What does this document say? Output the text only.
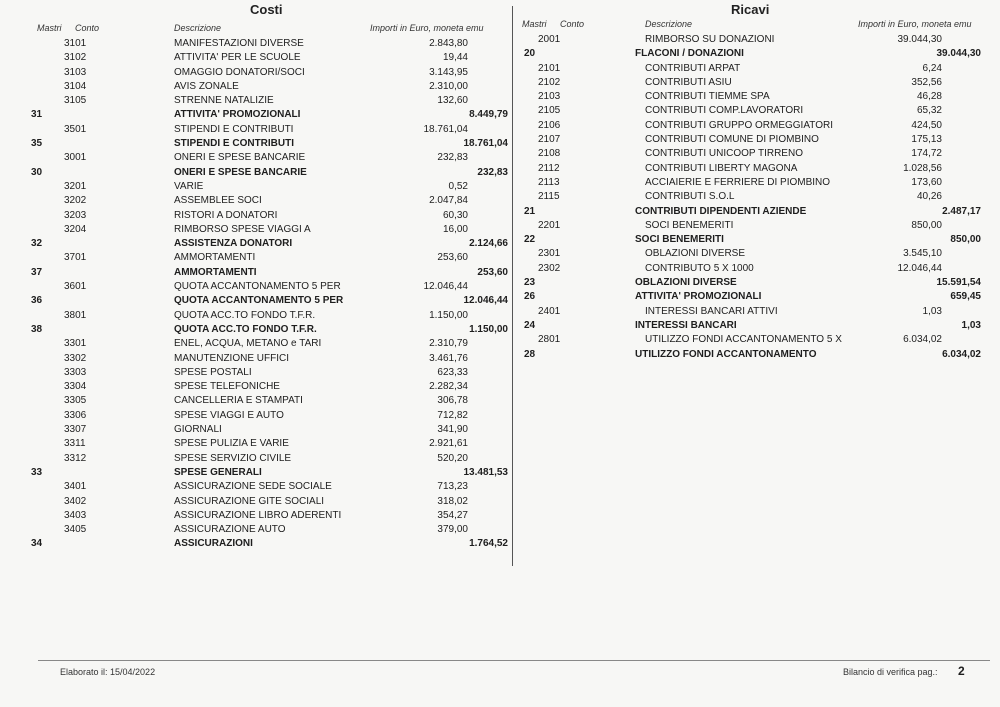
Costi	Ricavi
Mastri Conto	Descrizione	Importi in Euro, moneta emu	Mastri Conto	Descrizione	Importi in Euro, moneta emu
3101	MANIFESTAZIONI DIVERSE	2.843,80
3102	ATTIVITA' PER LE SCUOLE	19,44
3103	OMAGGIO DONATORI/SOCI	3.143,95
3104	AVIS ZONALE	2.310,00
3105	STRENNE NATALIZIE	132,60
31	ATTIVITA' PROMOZIONALI	8.449,79
3501	STIPENDI E CONTRIBUTI	18.761,04
35	STIPENDI E CONTRIBUTI	18.761,04
3001	ONERI E SPESE BANCARIE	232,83
30	ONERI E SPESE BANCARIE	232,83
3201	VARIE	0,52
3202	ASSEMBLEE SOCI	2.047,84
3203	RISTORI A DONATORI	60,30
3204	RIMBORSO SPESE VIAGGI A	16,00
32	ASSISTENZA DONATORI	2.124,66
3701	AMMORTAMENTI	253,60
37	AMMORTAMENTI	253,60
3601	QUOTA ACCANTONAMENTO 5 PER	12.046,44
36	QUOTA ACCANTONAMENTO 5 PER	12.046,44
3801	QUOTA ACC.TO FONDO T.F.R.	1.150,00
38	QUOTA ACC.TO FONDO T.F.R.	1.150,00
3301	ENEL, ACQUA, METANO e TARI	2.310,79
3302	MANUTENZIONE UFFICI	3.461,76
3303	SPESE POSTALI	623,33
3304	SPESE TELEFONICHE	2.282,34
3305	CANCELLERIA E STAMPATI	306,78
3306	SPESE VIAGGI E AUTO	712,82
3307	GIORNALI	341,90
3311	SPESE PULIZIA E VARIE	2.921,61
3312	SPESE SERVIZIO CIVILE	520,20
33	SPESE GENERALI	13.481,53
3401	ASSICURAZIONE SEDE SOCIALE	713,23
3402	ASSICURAZIONE GITE SOCIALI	318,02
3403	ASSICURAZIONE LIBRO ADERENTI	354,27
3405	ASSICURAZIONE AUTO	379,00
34	ASSICURAZIONI	1.764,52
2001	RIMBORSO SU DONAZIONI	39.044,30
20	FLACONI / DONAZIONI	39.044,30
2101	CONTRIBUTI ARPAT	6,24
2102	CONTRIBUTI ASIU	352,56
2103	CONTRIBUTI TIEMME SPA	46,28
2105	CONTRIBUTI COMP.LAVORATORI	65,32
2106	CONTRIBUTI GRUPPO ORMEGGIATORI	424,50
2107	CONTRIBUTI COMUNE DI PIOMBINO	175,13
2108	CONTRIBUTI UNICOOP TIRRENO	174,72
2112	CONTRIBUTI LIBERTY MAGONA	1.028,56
2113	ACCIAIERIE E FERRIERE DI PIOMBINO	173,60
2115	CONTRIBUTI S.O.L	40,26
21	CONTRIBUTI DIPENDENTI AZIENDE	2.487,17
2201	SOCI BENEMERITI	850,00
22	SOCI BENEMERITI	850,00
2301	OBLAZIONI DIVERSE	3.545,10
2302	CONTRIBUTO 5 X 1000	12.046,44
23	OBLAZIONI DIVERSE	15.591,54
26	ATTIVITA' PROMOZIONALI	659,45
2401	INTERESSI BANCARI ATTIVI	1,03
24	INTERESSI BANCARI	1,03
2801	UTILIZZO FONDI ACCANTONAMENTO 5 X	6.034,02
28	UTILIZZO FONDI ACCANTONAMENTO	6.034,02
Elaborato il: 15/04/2022	Bilancio di verifica pag.: 2
